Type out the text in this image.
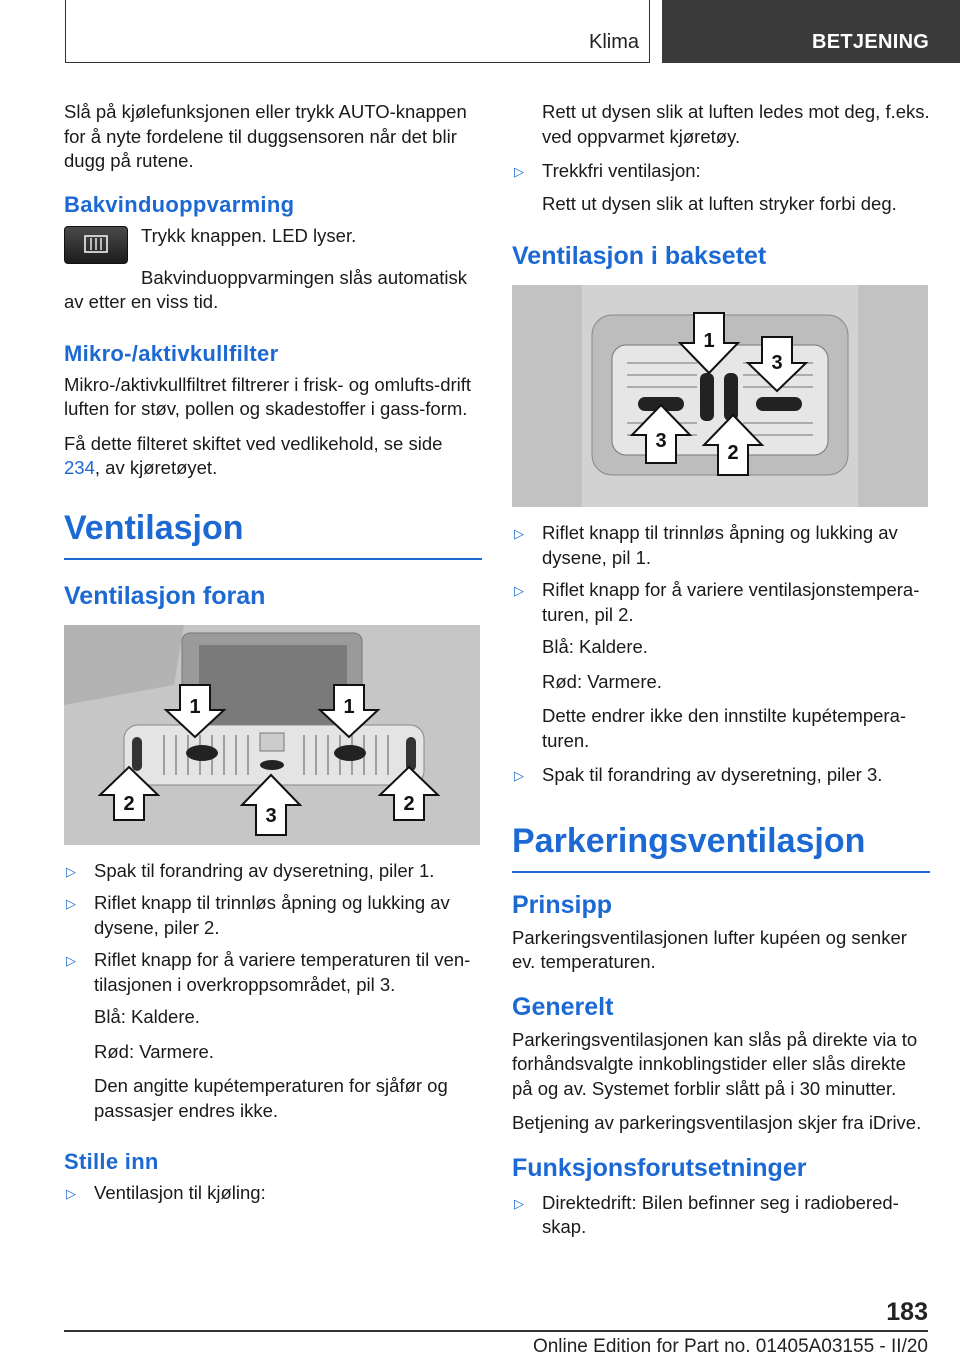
Klima	BETJENING

Slå på kjølefunksjonen eller trykk AUTO-knappen for å nyte fordelene til duggsensoren når det blir dugg på rutene.

Bakvinduoppvarming

Trykk knappen. LED lyser.

Bakvinduoppvarmingen slås automatisk av etter en viss tid.

Mikro-/aktivkullfilter

Mikro-/aktivkullfiltret filtrerer i frisk- og omlufts-drift luften for støv, pollen og skadestoffer i gass-form.

Få dette filteret skiftet ved vedlikehold, se side 234, av kjøretøyet.

Ventilasjon
Ventilasjon foran
1	1
2
3
2
▷ Spak til forandring av dyseretning, piler 1.
▷ Riflet knapp til trinnløs åpning og lukking av dysene, piler 2.
▷ Riflet knapp for å variere temperaturen til ven-tilasjonen i overkroppsområdet, pil 3.

Blå: Kaldere.

Rød: Varmere.

Den angitte kupétemperaturen for sjåfør og passasjer endres ikke.

Stille inn
▷ Ventilasjon til kjøling:

Rett ut dysen slik at luften ledes mot deg, f.eks. ved oppvarmet kjøretøy.

▷ Trekkfri ventilasjon:

Rett ut dysen slik at luften stryker forbi deg.

Ventilasjon i baksetet
1
3
3
2
▷ Riflet knapp til trinnløs åpning og lukking av dysene, pil 1.
▷ Riflet knapp for å variere ventilasjonstempera-turen, pil 2.

Blå: Kaldere.

Rød: Varmere.

Dette endrer ikke den innstilte kupétempera-turen.

▷ Spak til forandring av dyseretning, piler 3.
Parkeringsventilasjon
Prinsipp

Parkeringsventilasjonen lufter kupéen og senker ev. temperaturen.

Generelt

Parkeringsventilasjonen kan slås på direkte via to forhåndsvalgte innkoblingstider eller slås direkte på og av. Systemet forblir slått på i 30 minutter.

Betjening av parkeringsventilasjon skjer fra iDrive.

Funksjonsforutsetninger
▷ Direktedrift: Bilen befinner seg i radiobered-skap.
183
Online Edition for Part no. 01405A03155 - II/20
